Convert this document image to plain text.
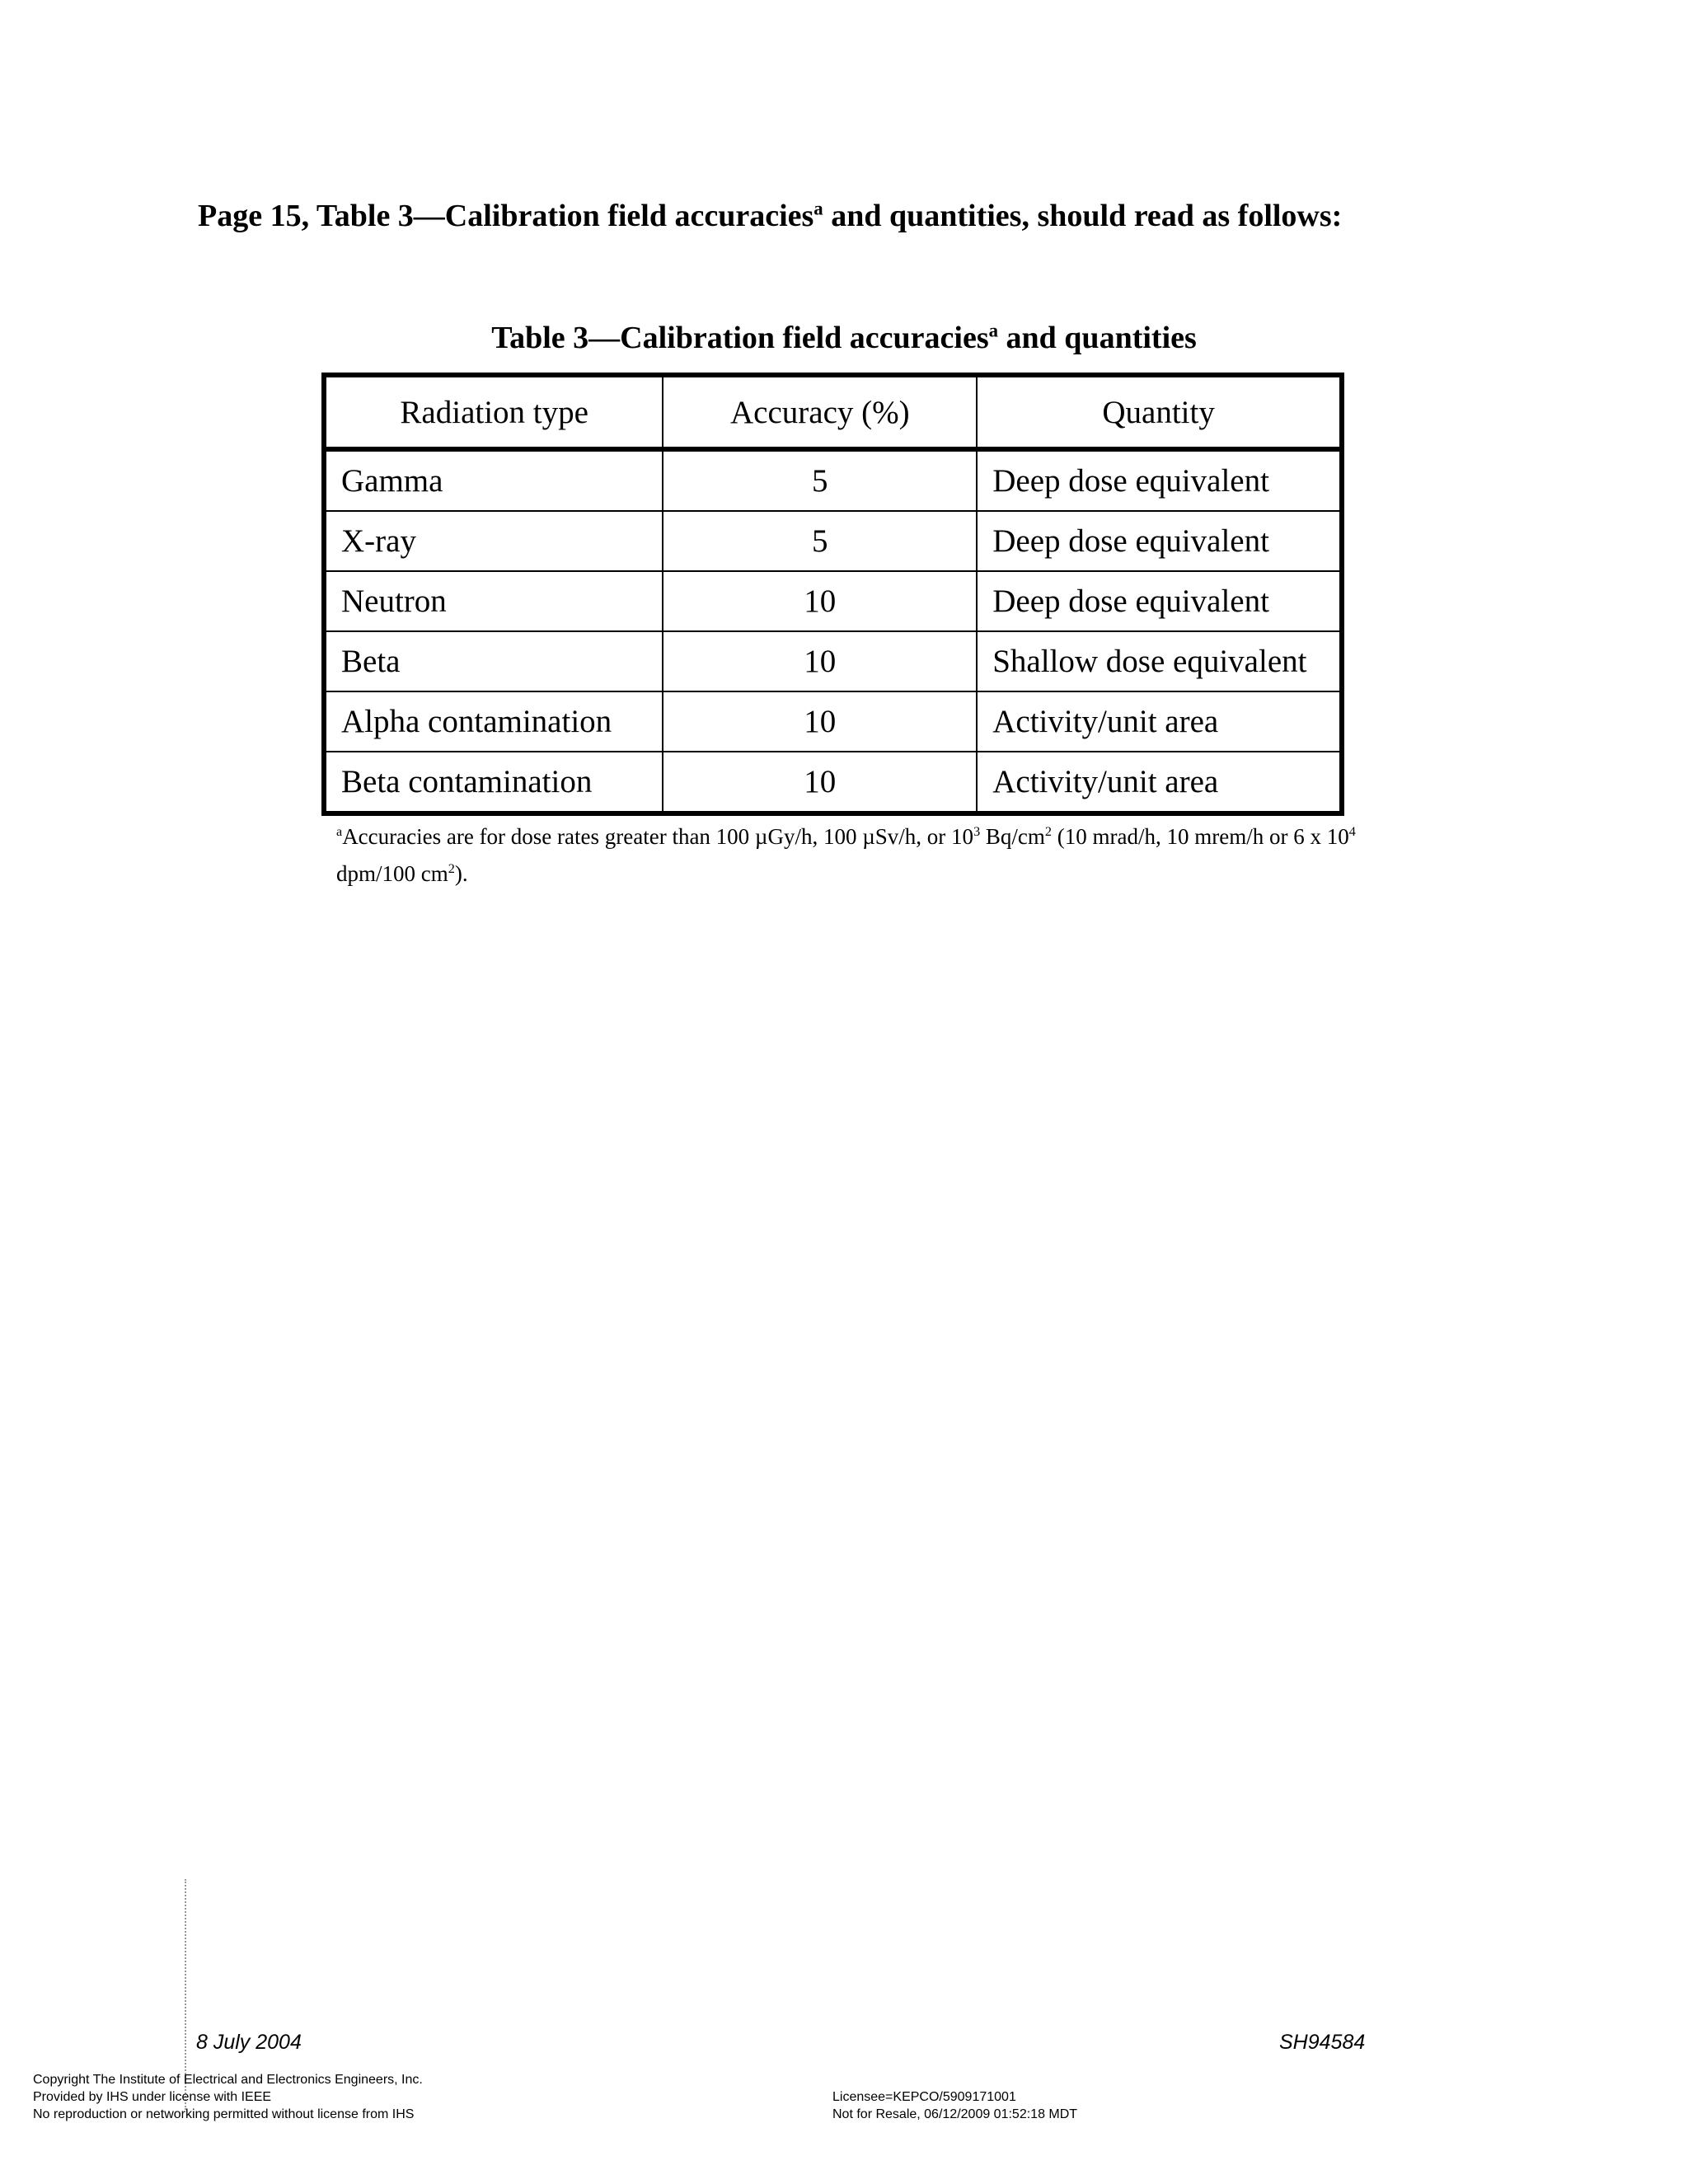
Page 15, Table 3—Calibration field accuracies$^a$ and quantities, should read as follows:
Table 3—Calibration field accuracies$^a$ and quantities
Radiation type	Accuracy (%)	Quantity
Gamma	5	Deep dose equivalent
X-ray	5	Deep dose equivalent
Neutron	10	Deep dose equivalent
Beta	10	Shallow dose equivalent
Alpha contamination	10	Activity/unit area
Beta contamination	10	Activity/unit area
$^a$Accuracies are for dose rates greater than 100 µGy/h, 100 µSv/h, or $10^3$ $Bq/cm^2$ (10 mrad/h, 10 mrem/h or 6 x $10^4$ dpm/100 $cm^2$).
8 July 2004	SH94584
Copyright The Institute of Electrical and Electronics Engineers, Inc.
Provided by IHS under license with IEEE
No reproduction or networking permitted without license from IHS
Licensee=KEPCO/5909171001
Not for Resale, 06/12/2009 01:52:18 MDT
